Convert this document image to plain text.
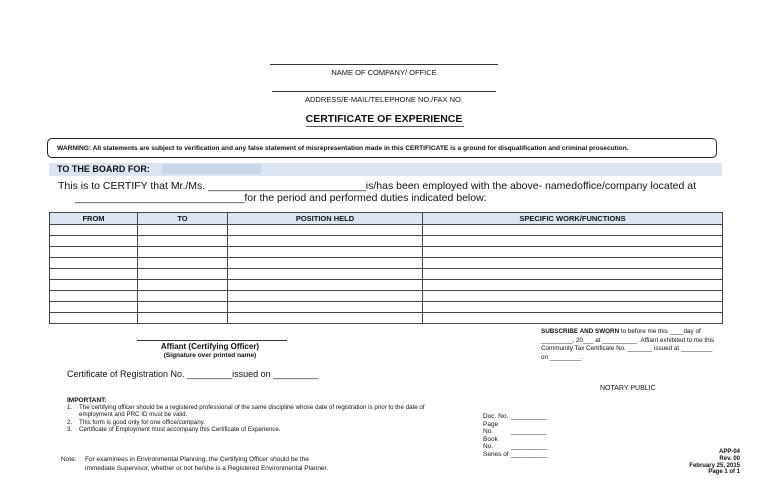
NAME OF COMPANY/ OFFICE
ADDRESS/E-MAIL/TELEPHONE NO./FAX NO.
CERTIFICATE OF EXPERIENCE
WARNING: All statements are subject to verification and any false statement of misrepresentation made in this CERTIFICATE is a ground for disqualification and criminal prosecution.
TO THE BOARD FOR:
This is to CERTIFY that Mr./Ms. ___________________________is/has been employed with the above- namedoffice/company located at
_____________________________for the period and performed duties indicated below:
FROM	TO	POSITION HELD	SPECIFIC WORK/FUNCTIONS

Affiant (Certifying Officer)
(Signature over printed name)
Certificate of Registration No. _________issued on _________
SUBSCRIBE AND SWORN to before me this ____day of _________, 20___ at __________. Affiant exhibited to me this Community Tax Certificate No. _______ issued at _________ on _________.
NOTARY PUBLIC
IMPORTANT:
1. The certifying officer should be a registered professional of the same discipline whose date of registration is prior to the date of employment and PRC ID must be valid.
2. This form is good only for one office/company.
3. Certificate of Employment must accompany this Certificate of Experience.
Doc. No. __________
Page No.	__________
Book No.	__________
Series of __________
Note: For examinees in Environmental Planning, the Certifying Officer should be the
immediate Supervisor, whether or not he/she is a Registered Environmental Planner.
APP-04
Rev. 00
February 25, 2015
Page 1 of 1
